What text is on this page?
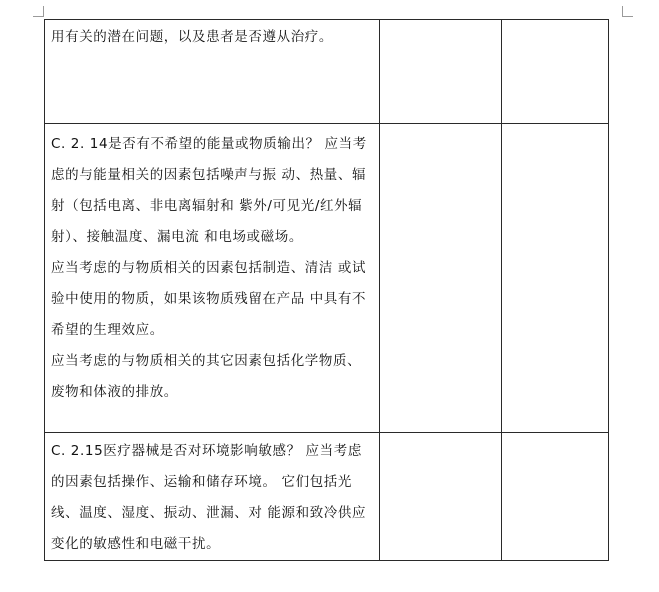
用有关的潜在问题，以及患者是否遵从治疗。		

C. 2. 14是否有不希望的能量或物质输出？ 应当考虑的与能量相关的因素包括噪声与振 动、热量、辐射（包括电离、非电离辐射和 紫外/可见光/红外辐射）、接触温度、漏电流 和电场或磁场。
应当考虑的与物质相关的因素包括制造、清洁 或试验中使用的物质，如果该物质残留在产品 中具有不希望的生理效应。
应当考虑的与物质相关的其它因素包括化学物质、废物和体液的排放。		

C. 2.15医疗器械是否对环境影响敏感？ 应当考虑的因素包括操作、运输和储存环境。 它们包括光线、温度、湿度、振动、泄漏、对 能源和致冷供应变化的敏感性和电磁干扰。		
